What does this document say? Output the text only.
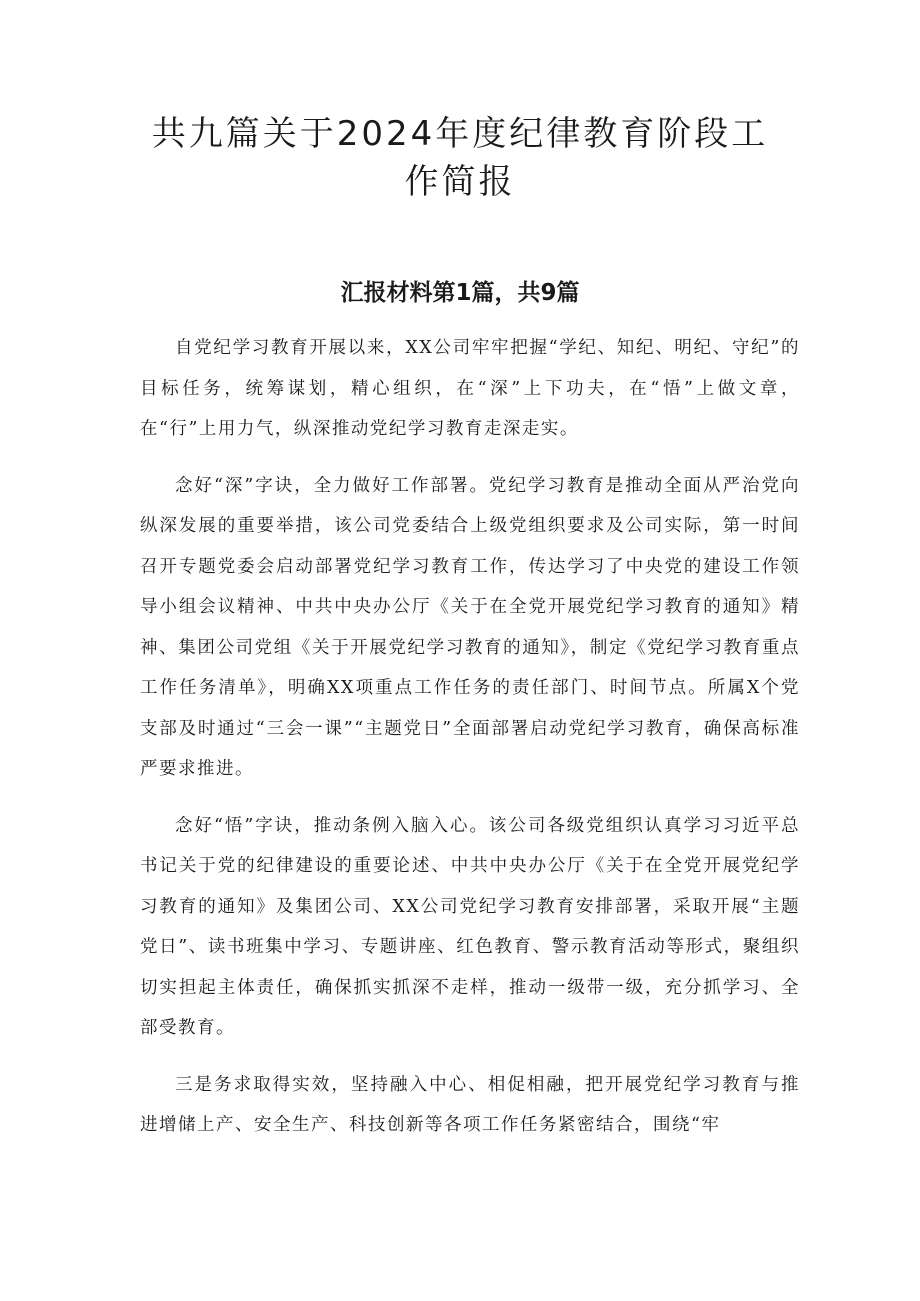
共九篇关于2024年度纪律教育阶段工作简报
汇报材料第1篇，共9篇

自党纪学习教育开展以来，XX公司牢牢把握“学纪、知纪、明纪、守纪”的目标任务，统筹谋划，精心组织，在“深”上下功夫，在“悟”上做文章，在“行”上用力气，纵深推动党纪学习教育走深走实。

念好“深”字诀，全力做好工作部署。党纪学习教育是推动全面从严治党向纵深发展的重要举措，该公司党委结合上级党组织要求及公司实际，第一时间召开专题党委会启动部署党纪学习教育工作，传达学习了中央党的建设工作领导小组会议精神、中共中央办公厅《关于在全党开展党纪学习教育的通知》精神、集团公司党组《关于开展党纪学习教育的通知》，制定《党纪学习教育重点工作任务清单》，明确XX项重点工作任务的责任部门、时间节点。所属X个党支部及时通过“三会一课”“主题党日”全面部署启动党纪学习教育，确保高标准严要求推进。

念好“悟”字诀，推动条例入脑入心。该公司各级党组织认真学习习近平总书记关于党的纪律建设的重要论述、中共中央办公厅《关于在全党开展党纪学习教育的通知》及集团公司、XX公司党纪学习教育安排部署，采取开展“主题党日”、读书班集中学习、专题讲座、红色教育、警示教育活动等形式，聚组织切实担起主体责任，确保抓实抓深不走样，推动一级带一级，充分抓学习、全部受教育。

三是务求取得实效，坚持融入中心、相促相融，把开展党纪学习教育与推进增储上产、安全生产、科技创新等各项工作任务紧密结合，围绕“牢
